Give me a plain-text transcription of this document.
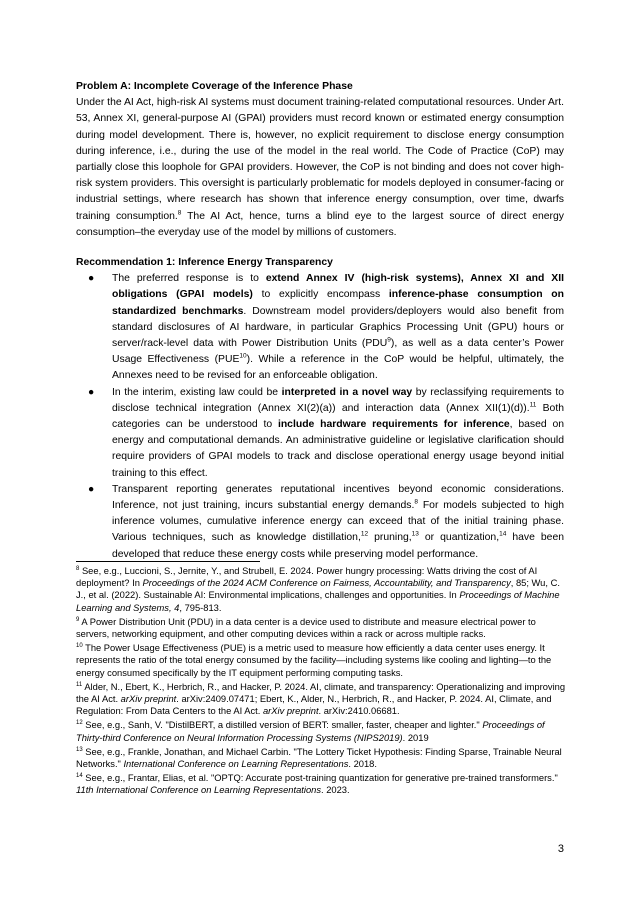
Problem A: Incomplete Coverage of the Inference Phase

Under the AI Act, high-risk AI systems must document training-related computational resources. Under Art. 53, Annex XI, general-purpose AI (GPAI) providers must record known or estimated energy consumption during model development. There is, however, no explicit requirement to disclose energy consumption during inference, i.e., during the use of the model in the real world. The Code of Practice (CoP) may partially close this loophole for GPAI providers. However, the CoP is not binding and does not cover high-risk system providers. This oversight is particularly problematic for models deployed in consumer-facing or industrial settings, where research has shown that inference energy consumption, over time, dwarfs training consumption.$^8$ The AI Act, hence, turns a blind eye to the largest source of direct energy consumption–the everyday use of the model by millions of customers.

Recommendation 1: Inference Energy Transparency

● The preferred response is to extend Annex IV (high-risk systems), Annex XI and XII obligations (GPAI models) to explicitly encompass inference-phase consumption on standardized benchmarks. Downstream model providers/deployers would also benefit from standard disclosures of AI hardware, in particular Graphics Processing Unit (GPU) hours or server/rack-level data with Power Distribution Units (PDU$^9$), as well as a data center’s Power Usage Effectiveness (PUE$^{10}$). While a reference in the CoP would be helpful, ultimately, the Annexes need to be revised for an enforceable obligation.
● In the interim, existing law could be interpreted in a novel way by reclassifying requirements to disclose technical integration (Annex XI(2)(a)) and interaction data (Annex XII(1)(d)).$^{11}$ Both categories can be understood to include hardware requirements for inference, based on energy and computational demands. An administrative guideline or legislative clarification should require providers of GPAI models to track and disclose operational energy usage beyond initial training to this effect.
● Transparent reporting generates reputational incentives beyond economic considerations. Inference, not just training, incurs substantial energy demands.$^8$ For models subjected to high inference volumes, cumulative inference energy can exceed that of the initial training phase. Various techniques, such as knowledge distillation,$^{12}$ pruning,$^{13}$ or quantization,$^{14}$ have been developed that reduce these energy costs while preserving model performance.

$^8$ See, e.g., Luccioni, S., Jernite, Y., and Strubell, E. 2024. Power hungry processing: Watts driving the cost of AI deployment? In Proceedings of the 2024 ACM Conference on Fairness, Accountability, and Transparency, 85; Wu, C. J., et al. (2022). Sustainable AI: Environmental implications, challenges and opportunities. In Proceedings of Machine Learning and Systems, 4, 795-813.

$^9$ A Power Distribution Unit (PDU) in a data center is a device used to distribute and measure electrical power to servers, networking equipment, and other computing devices within a rack or across multiple racks.

$^{10}$ The Power Usage Effectiveness (PUE) is a metric used to measure how efficiently a data center uses energy. It represents the ratio of the total energy consumed by the facility—including systems like cooling and lighting—to the energy consumed specifically by the IT equipment performing computing tasks.

$^{11}$ Alder, N., Ebert, K., Herbrich, R., and Hacker, P. 2024. AI, climate, and transparency: Operationalizing and improving the AI Act. arXiv preprint. arXiv:2409.07471; Ebert, K., Alder, N., Herbrich, R., and Hacker, P. 2024. AI, Climate, and Regulation: From Data Centers to the AI Act. arXiv preprint. arXiv:2410.06681.

$^{12}$ See, e.g., Sanh, V. "DistilBERT, a distilled version of BERT: smaller, faster, cheaper and lighter." Proceedings of Thirty-third Conference on Neural Information Processing Systems (NIPS2019). 2019

$^{13}$ See, e.g., Frankle, Jonathan, and Michael Carbin. "The Lottery Ticket Hypothesis: Finding Sparse, Trainable Neural Networks." International Conference on Learning Representations. 2018.

$^{14}$ See, e.g., Frantar, Elias, et al. "OPTQ: Accurate post-training quantization for generative pre-trained transformers." 11th International Conference on Learning Representations. 2023.

3
